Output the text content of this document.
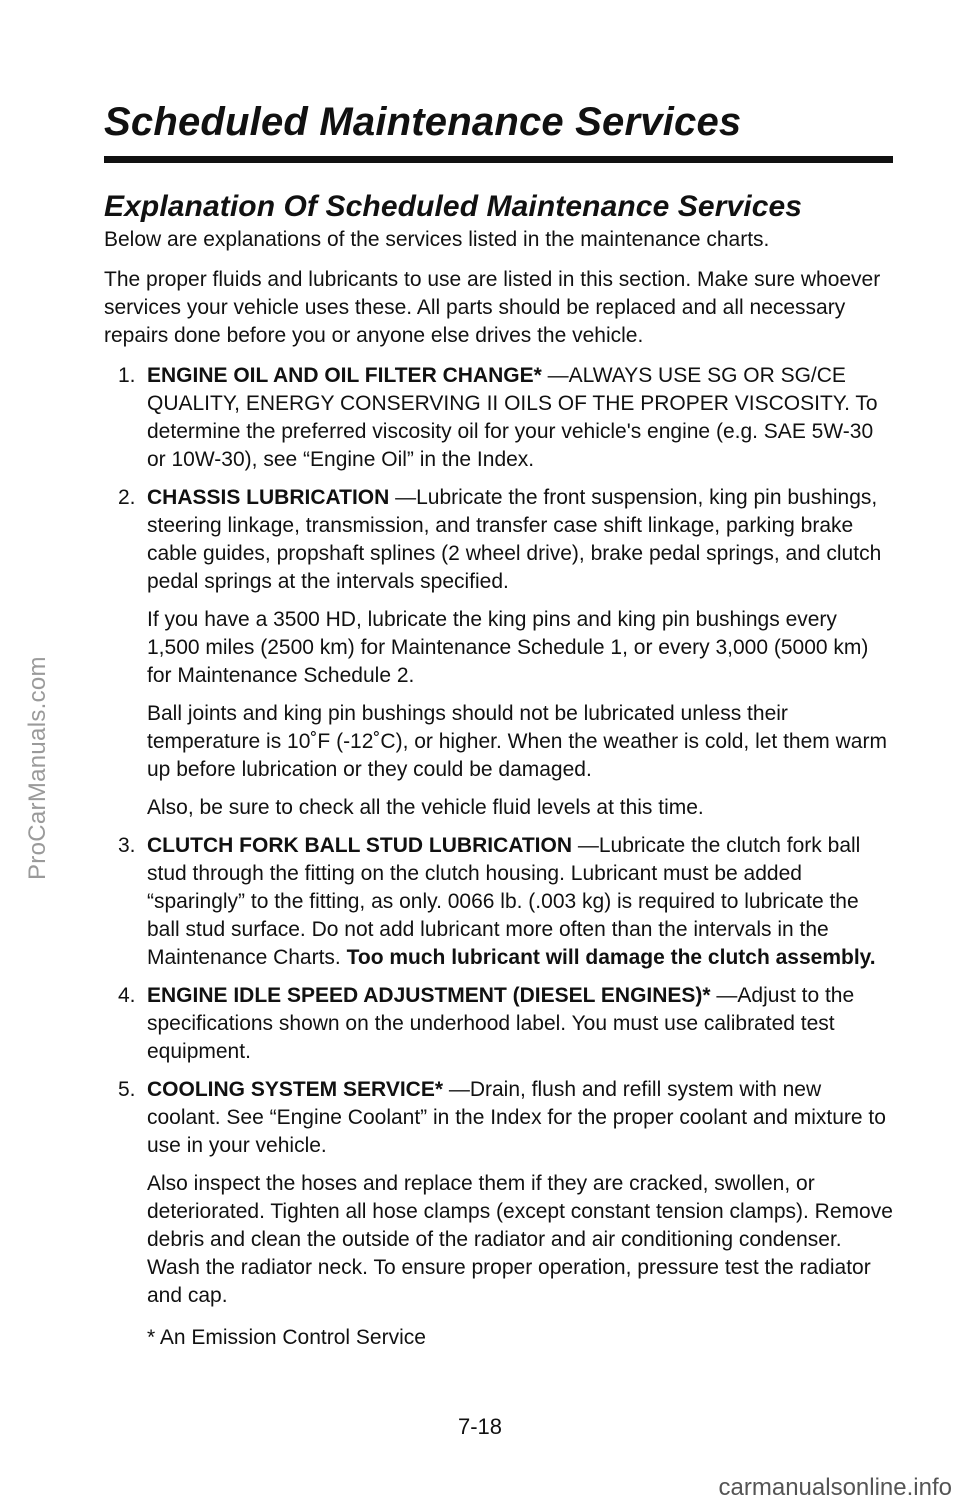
ProCarManuals.com
Scheduled Maintenance Services
Explanation Of Scheduled Maintenance Services

Below are explanations of the services listed in the maintenance charts.

The proper fluids and lubricants to use are listed in this section. Make sure whoever services your vehicle uses these. All parts should be replaced and all necessary repairs done before you or anyone else drives the vehicle.

1. ENGINE OIL AND OIL FILTER CHANGE* —ALWAYS USE SG OR SG/CE QUALITY, ENERGY CONSERVING II OILS OF THE PROPER VISCOSITY. To determine the preferred viscosity oil for your vehicle's engine (e.g. SAE 5W-30 or 10W-30), see “Engine Oil” in the Index.

2. CHASSIS LUBRICATION —Lubricate the front suspension, king pin bushings, steering linkage, transmission, and transfer case shift linkage, parking brake cable guides, propshaft splines (2 wheel drive), brake pedal springs, and clutch pedal springs at the intervals specified.

If you have a 3500 HD, lubricate the king pins and king pin bushings every 1,500 miles (2500 km) for Maintenance Schedule 1, or every 3,000 (5000 km) for Maintenance Schedule 2.

Ball joints and king pin bushings should not be lubricated unless their temperature is 10˚F (-12˚C), or higher. When the weather is cold, let them warm up before lubrication or they could be damaged.

Also, be sure to check all the vehicle fluid levels at this time.

3. CLUTCH FORK BALL STUD LUBRICATION —Lubricate the clutch fork ball stud through the fitting on the clutch housing. Lubricant must be added “sparingly” to the fitting, as only. 0066 lb. (.003 kg) is required to lubricate the ball stud surface. Do not add lubricant more often than the intervals in the Maintenance Charts. Too much lubricant will damage the clutch assembly.

4. ENGINE IDLE SPEED ADJUSTMENT (DIESEL ENGINES)* —Adjust to the specifications shown on the underhood label. You must use calibrated test equipment.

5. COOLING SYSTEM SERVICE* —Drain, flush and refill system with new coolant. See “Engine Coolant” in the Index for the proper coolant and mixture to use in your vehicle.

Also inspect the hoses and replace them if they are cracked, swollen, or deteriorated. Tighten all hose clamps (except constant tension clamps). Remove debris and clean the outside of the radiator and air conditioning condenser. Wash the radiator neck. To ensure proper operation, pressure test the radiator and cap.

* An Emission Control Service

7-18
carmanualsonline.info
